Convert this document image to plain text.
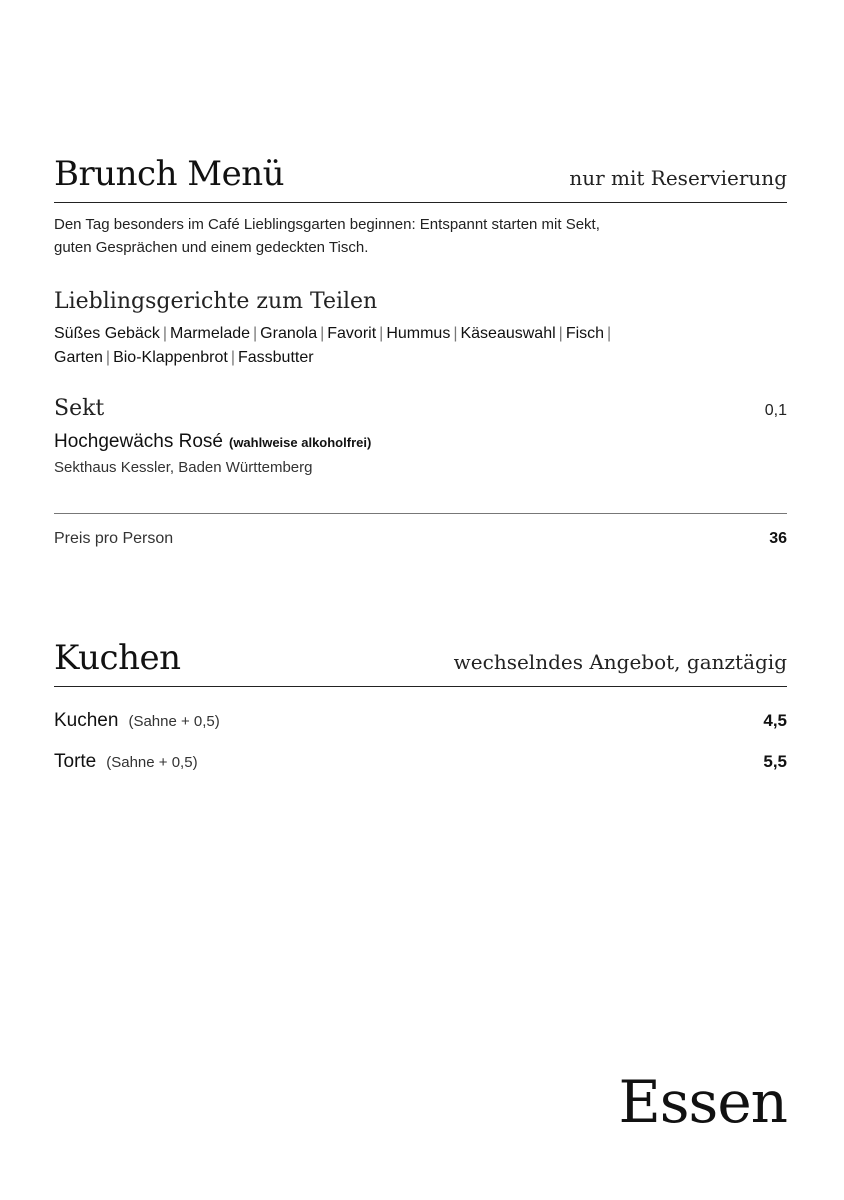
Brunch Menü	nur mit Reservierung
Den Tag besonders im Café Lieblingsgarten beginnen: Entspannt starten mit Sekt,
guten Gesprächen und einem gedeckten Tisch.
Lieblingsgerichte zum Teilen
Süßes Gebäck | Marmelade | Granola | Favorit | Hummus | Käseauswahl | Fisch |
Garten | Bio-Klappenbrot | Fassbutter
Sekt	0,1
Hochgewächs Rosé (wahlweise alkoholfrei)
Sekthaus Kessler, Baden Württemberg
Preis pro Person	36
Kuchen	wechselndes Angebot, ganztägig
Kuchen (Sahne + 0,5)	4,5
Torte (Sahne + 0,5)	5,5
Essen
